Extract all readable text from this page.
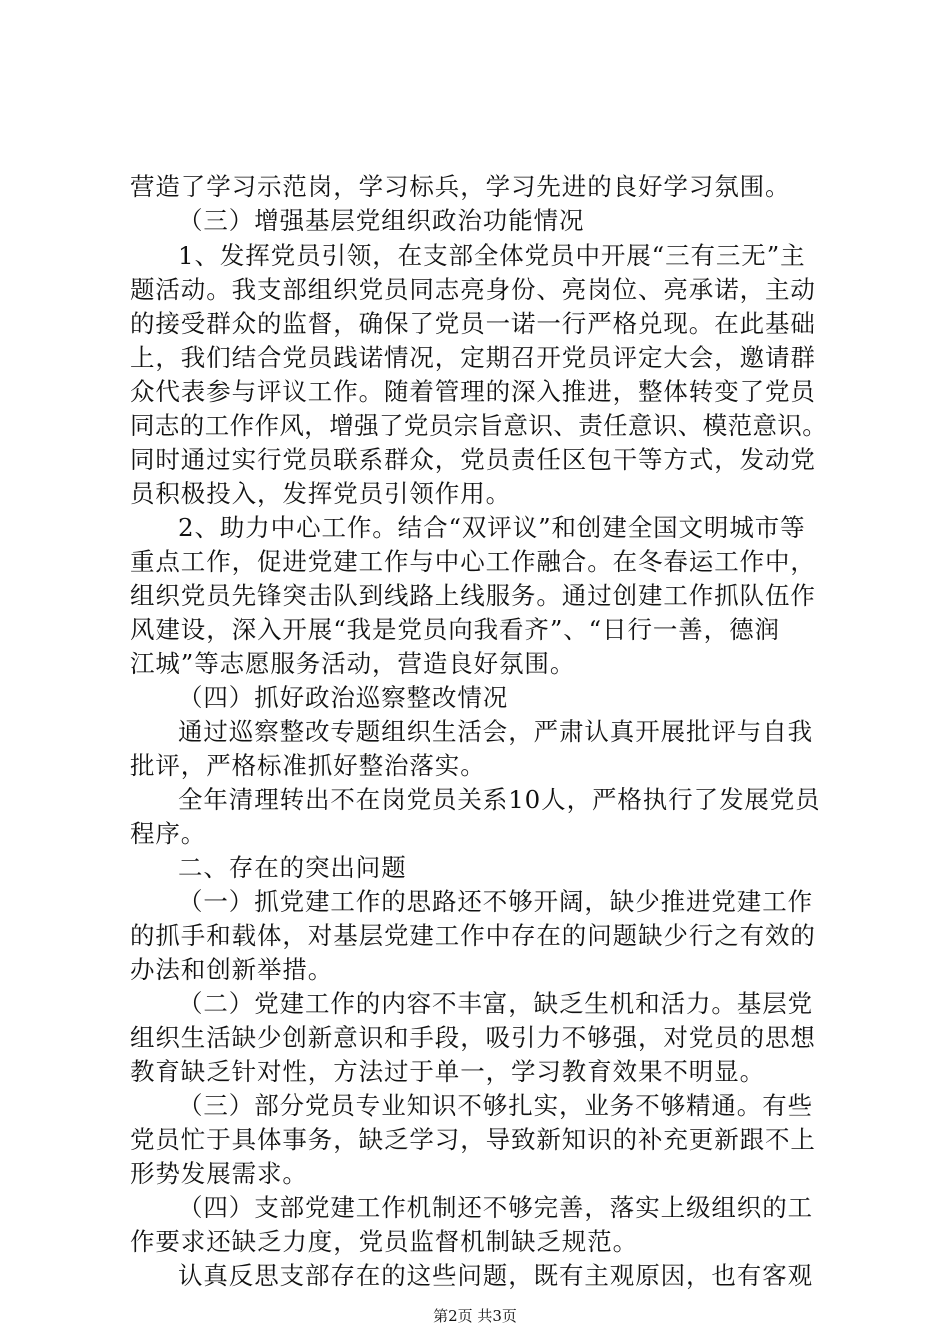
营造了学习示范岗，学习标兵，学习先进的良好学习氛围。
（三）增强基层党组织政治功能情况
1、发挥党员引领，在支部全体党员中开展“三有三无”主
题活动。我支部组织党员同志亮身份、亮岗位、亮承诺，主动
的接受群众的监督，确保了党员一诺一行严格兑现。在此基础
上，我们结合党员践诺情况，定期召开党员评定大会，邀请群
众代表参与评议工作。随着管理的深入推进，整体转变了党员
同志的工作作风，增强了党员宗旨意识、责任意识、模范意识。
同时通过实行党员联系群众，党员责任区包干等方式，发动党
员积极投入，发挥党员引领作用。
2、助力中心工作。结合“双评议”和创建全国文明城市等
重点工作，促进党建工作与中心工作融合。在冬春运工作中，
组织党员先锋突击队到线路上线服务。通过创建工作抓队伍作
风建设，深入开展“我是党员向我看齐”、“日行一善，德润
江城”等志愿服务活动，营造良好氛围。
（四）抓好政治巡察整改情况
通过巡察整改专题组织生活会，严肃认真开展批评与自我
批评，严格标准抓好整治落实。
全年清理转出不在岗党员关系10人，严格执行了发展党员
程序。
二、存在的突出问题
（一）抓党建工作的思路还不够开阔，缺少推进党建工作
的抓手和载体，对基层党建工作中存在的问题缺少行之有效的
办法和创新举措。
（二）党建工作的内容不丰富，缺乏生机和活力。基层党
组织生活缺少创新意识和手段，吸引力不够强，对党员的思想
教育缺乏针对性，方法过于单一，学习教育效果不明显。
（三）部分党员专业知识不够扎实，业务不够精通。有些
党员忙于具体事务，缺乏学习，导致新知识的补充更新跟不上
形势发展需求。
（四）支部党建工作机制还不够完善，落实上级组织的工
作要求还缺乏力度，党员监督机制缺乏规范。
认真反思支部存在的这些问题，既有主观原因，也有客观
第2页 共3页
